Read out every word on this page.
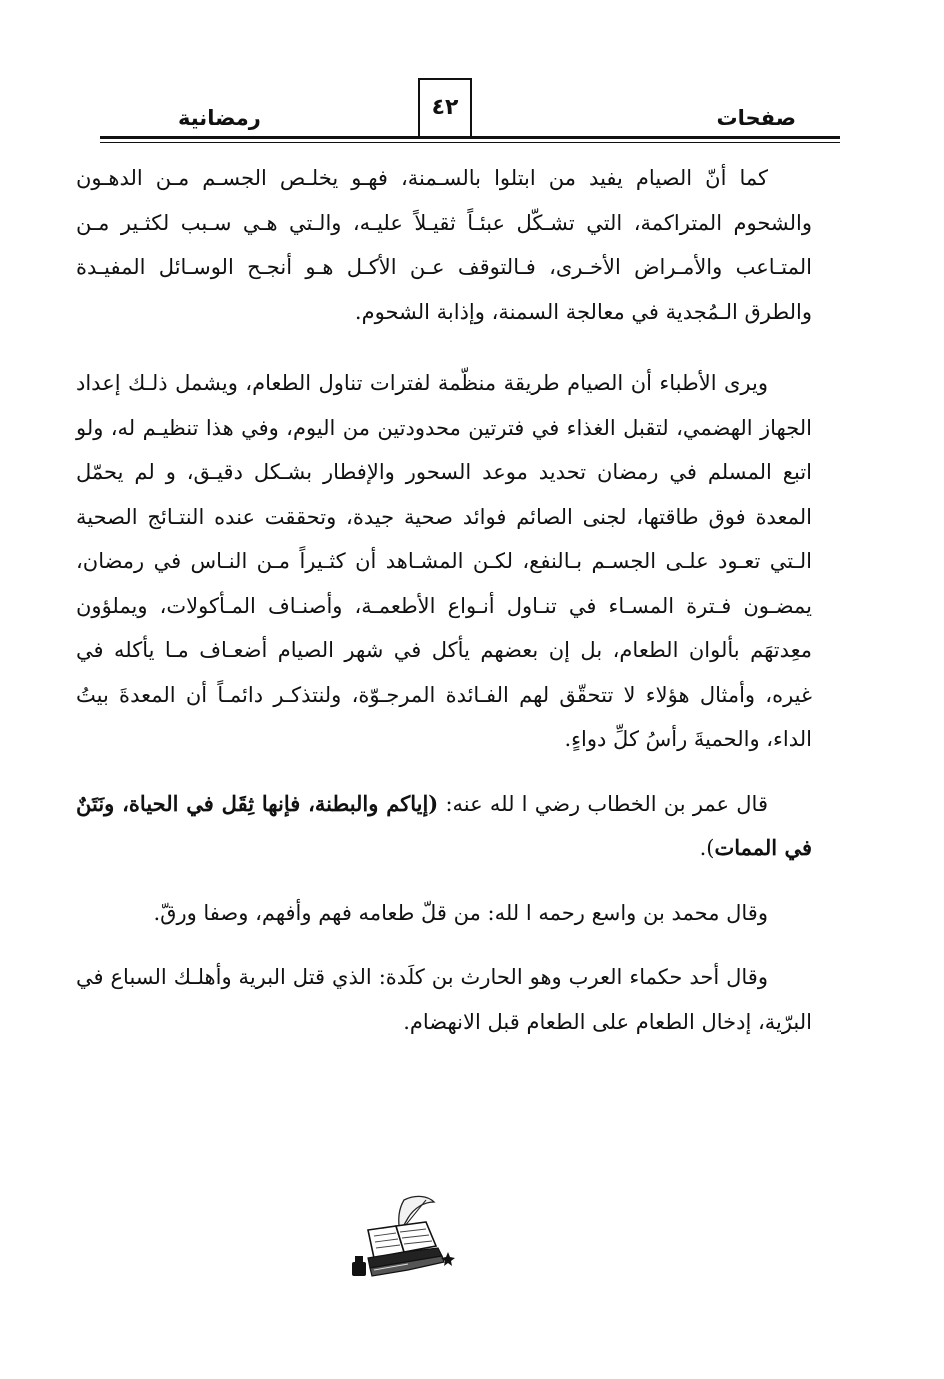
صفحات
٤٢
رمضانية

كما أنّ الصيام يفيد من ابتلوا بالسـمنة، فهـو يخلـص الجسـم مـن الدهـون والشحوم المتراكمة، التي تشـكّل عبئـاً ثقيـلاً عليـه، والـتي هـي سـبب لكثـير مـن المتـاعب والأمـراض الأخـرى، فـالتوقف عـن الأكـل هـو أنجـح الوسـائل المفيـدة والطرق الـمُجدية في معالجة السمنة، وإذابة الشحوم.

ويرى الأطباء أن الصيام طريقة منظّمة لفترات تناول الطعام، ويشمل ذلـك إعداد الجهاز الهضمي، لتقبل الغذاء في فترتين محدودتين من اليوم، وفي هذا تنظيـم له، ولو اتبع المسلم في رمضان تحديد موعد السحور والإفطار بشـكل دقيـق، و لم يحمّل المعدة فوق طاقتها، لجنى الصائم فوائد صحية جيدة، وتحققت عنده النتـائج الصحية الـتي تعـود علـى الجسـم بـالنفع، لكـن المشـاهد أن كثـيراً مـن النـاس في رمضان، يمضـون فـترة المسـاء في تنـاول أنـواع الأطعمـة، وأصنـاف المـأكولات، ويملؤون معِدتهَم بألوان الطعام، بل إن بعضهم يأكل في شهر الصيام أضعـاف مـا يأكله في غيره، وأمثال هؤلاء لا تتحقّق لهم الفـائدة المرجـوّة، ولنتذكـر دائمـاً أن المعدةَ بيتُ الداء، والحميةَ رأسُ كلِّ دواءٍ.

قال عمر بن الخطاب رضي ا لله عنه: (إياكم والبطنة، فإنها ثِقَل في الحياة، ونَتَنٌ في الممات).

وقال محمد بن واسع رحمه ا لله: من قلّ طعامه فهم وأفهم، وصفا ورقّ.

وقال أحد حكماء العرب وهو الحارث بن كلَدة: الذي قتل البرية وأهلـك السباع في البرّية، إدخال الطعام على الطعام قبل الانهضام.
